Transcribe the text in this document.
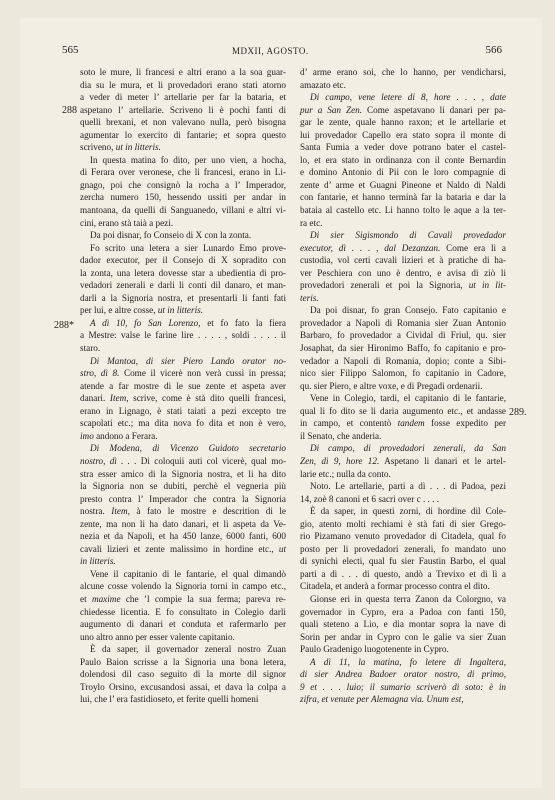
565	MDXII, AGOSTO.	566
288
288*
289.
soto le mure, li francesi e altri erano a la soa guar-
dia su le mura, et li provedadori erano stati atorno
a veder di meter l’ artellarie per far la bataria, et
aspetano l’ artellarie. Scriveno li è pochi fanti di
quelli brexani, et non valevano nulla, però bisogna
agumentar lo exercito di fantarie; et sopra questo
scriveno, ut in litteris.
In questa matina fo dito, per uno vien, a hocha,
di Ferara over veronese, che li francesi, erano in Li-
gnago, poi che consignò la rocha a l’ Imperador,
zercha numero 150, hessendo ussiti per andar in
mantoana, da quelli di Sanguanedo, villani e altri vi-
cini, erano stà taià a pezi.
Da poi disnar, fo Conseio di X con la zonta.
Fo scrito una letera a sier Lunardo Emo prove-
dador executor, per il Consejo di X sopradito con
la zonta, una letera dovesse star a ubedientia di pro-
vedadori zenerali e darli li conti dil danaro, et man-
darli a la Signoria nostra, et presentarli li fanti fati
per lui, e altre cosse, ut in litteris.
A dì 10, fo San Lorenzo, et fo fato la fiera
a Mestre: valse le farine lire . . . . , soldi . . . . il
staro.
Di Mantoa, di sier Piero Lando orator no-
stro, dì 8. Come il vicerè non verà cussì in pressa;
atende a far mostre di le sue zente et aspeta aver
danari. Item, scrive, come è stà dito quelli francesi,
erano in Lignago, è stati taiati a pezi excepto tre
scapolati etc.; ma dita nova fo dita et non è vero,
imo andono a Ferara.
Di Modena, di Vicenzo Guidoto secretario
nostro, dì . . . Di coloquii auti col vicerè, qual mo-
stra esser amico di la Signoria nostra, et li ha dito
la Signoria non se dubiti, perchè el vegneria più
presto contra l’ Imperador che contra la Signoria
nostra. Item, à fato le mostre e descrition di le
zente, ma non li ha dato danari, et li aspeta da Ve-
nezia et da Napoli, et ha 450 lanze, 6000 fanti, 600
cavali lizieri et zente malissimo in hordine etc., ut
in litteris.
Vene il capitanio di le fantarie, el qual dimandò
alcune cosse volendo la Signoria torni in campo etc.,
et maxime che ’l compie la sua ferma; pareva re-
chiedesse licentia. E fo consultato in Colegio darli
augumento di danari et conduta et rafermarlo per
uno altro anno per esser valente capitanio.
È da saper, il governador zeneral nostro Zuan
Paulo Baion scrisse a la Signoria una bona letera,
dolendosi dil caso seguito di la morte dil signor
Troylo Orsino, excusandosi assai, et dava la colpa a
lui, che l’ era fastidioseto, et ferite quelli homeni
d’ arme erano soi, che lo hanno, per vendicharsi,
amazato etc.
Di campo, vene letere di 8, hore . . . , date
pur a San Zen. Come aspetavano li danari per pa-
gar le zente, quale hanno raxon; et le artellarie et
lui provedador Capello era stato sopra il monte di
Santa Fumia a veder dove potrano bater el castel-
lo, et era stato in ordinanza con il conte Bernardin
e domino Antonio di Pii con le loro compagnie di
zente d’ arme et Guagni Pineone et Naldo di Naldi
con fantarie, et hanno terminà far la bataria e dar la
bataia al castello etc. Li hanno tolto le aque a la ter-
ra etc.
Di sier Sigismondo di Cavali provedador
executor, dì . . . , dal Dezanzan. Come era lì a
custodia, vol certi cavali lizieri et à pratiche di ha-
ver Peschiera con uno è dentro, e avisa di ziò li
provedadori zenerali et poi la Signoria, ut in lit-
teris.
Da poi disnar, fo gran Consejo. Fato capitanio e
provedador a Napoli di Romania sier Zuan Antonio
Barbaro, fo provedador a Cividal di Friul, qu. sier
Josaphat, da sier Hironimo Baffo, fo capitanio e pro-
vedador a Napoli di Romania, dopio; conte a Sibi-
nico sier Filippo Salomon, fo capitanio in Cadore,
qu. sier Piero, e altre voxe, e di Pregadi ordenarii.
Vene in Colegio, tardi, el capitanio di le fantarie,
qual li fo dito se li daria augumento etc., et andasse
in campo, et contentò tandem fosse expedito per
il Senato, che anderia.
Di campo, di provedadori zenerali, da San
Zen, dì 9, hore 12. Aspetano li danari et le artel-
larie etc.; nulla da conto.
Noto. Le artellarie, parti a dì . . . di Padoa, pezi
14, zoè 8 canoni et 6 sacri over c . . . .
È da saper, in questi zorni, di hordine dil Cole-
gio, atento molti rechiami è stà fati di sier Grego-
rio Pizamano venuto provedador di Citadela, qual fo
posto per li provedadori zenerali, fo mandato uno
di synichi electi, qual fu sier Faustin Barbo, el qual
parti a dì . . . di questo, andò a Trevixo et di lì a
Citadela, et anderà a formar processo contra el dito.
Gionse eri in questa terra Zanon da Colorgno, va
governador in Cypro, era a Padoa con fanti 150,
quali steteno a Lio, e dia montar sopra la nave di
Sorin per andar in Cypro con le galie va sier Zuan
Paulo Gradenigo luogotenente in Cypro.
A dì 11, la matina, fo letere di Ingaltera,
di sier Andrea Badoer orator nostro, di primo,
9 et . . . luio; il sumario scriverò di soto: è in
zifra, et venute per Alemagna via. Unum est,
